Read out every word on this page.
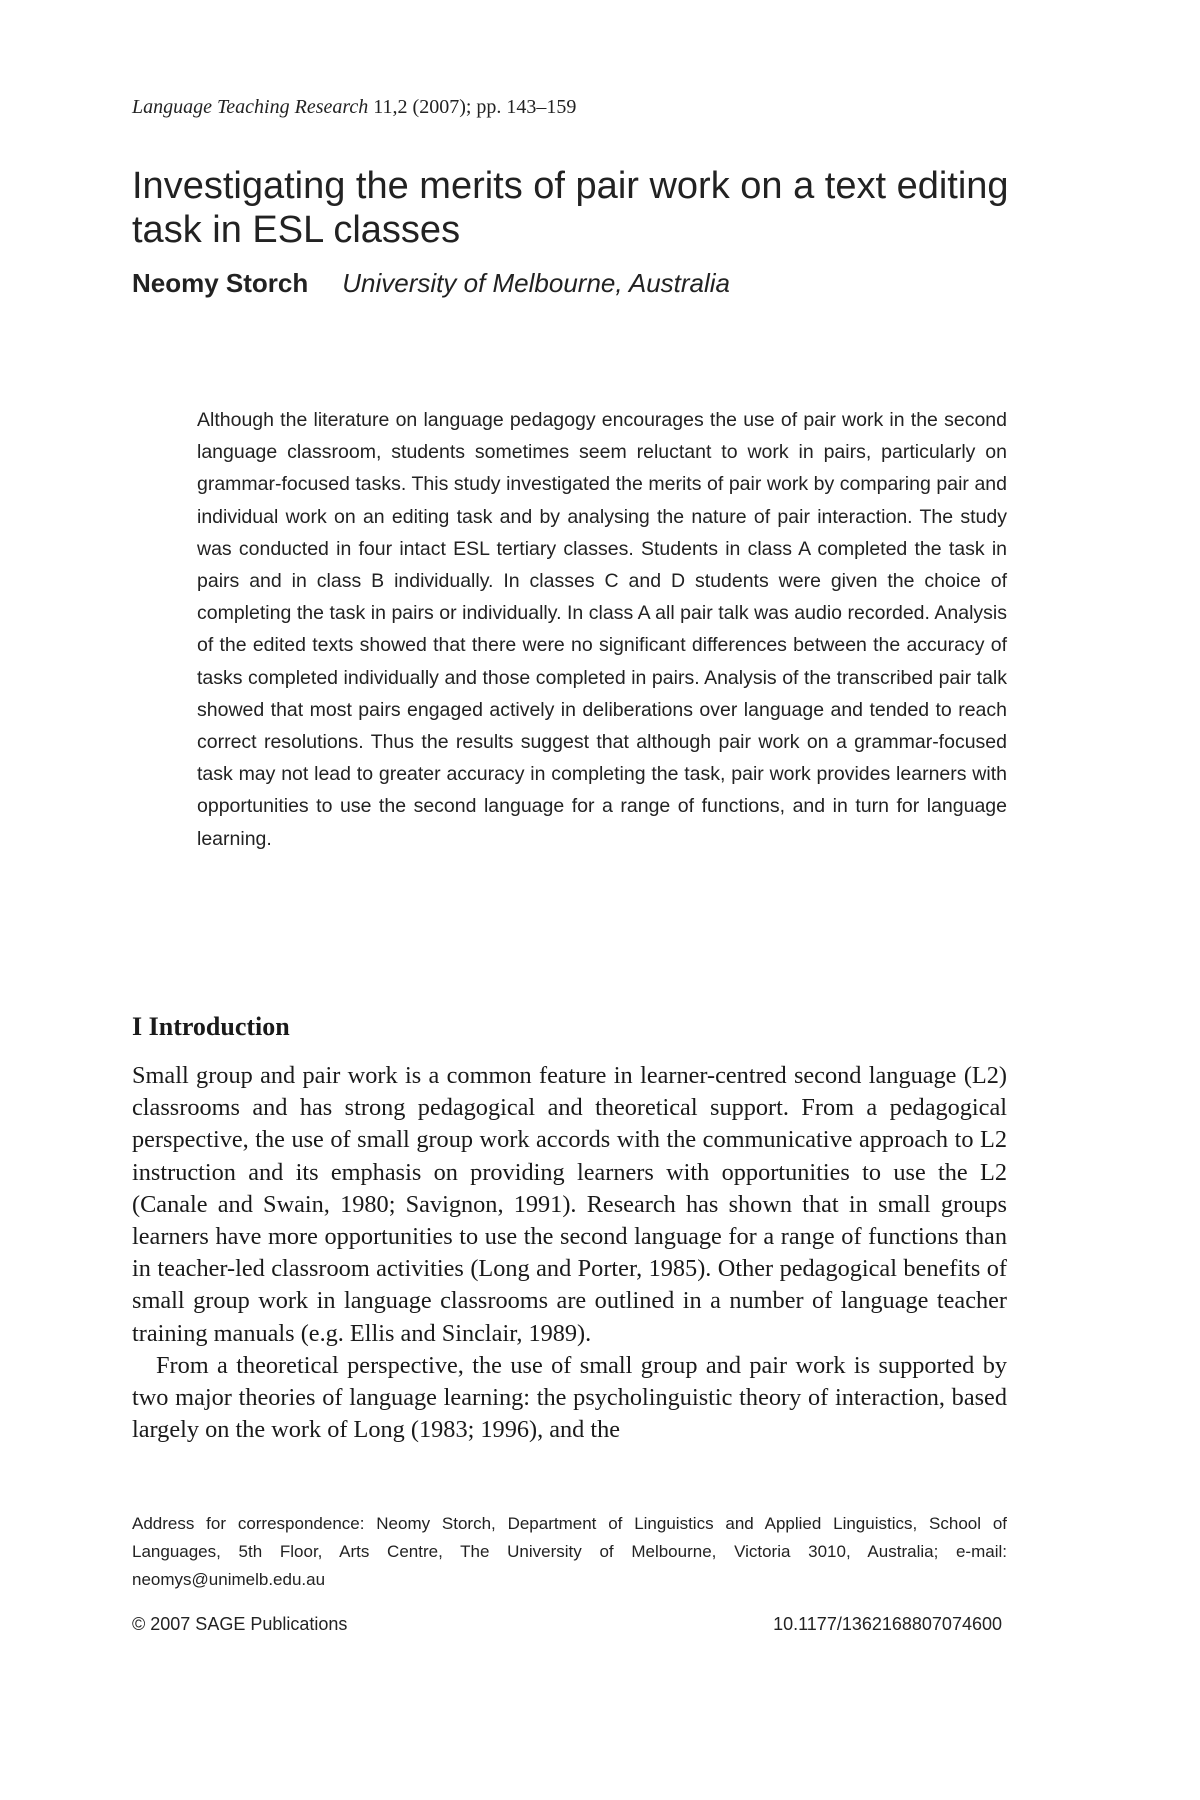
Language Teaching Research 11,2 (2007); pp. 143–159
Investigating the merits of pair work on a text editing task in ESL classes
Neomy Storch University of Melbourne, Australia

Although the literature on language pedagogy encourages the use of pair work in the second language classroom, students sometimes seem reluctant to work in pairs, particularly on grammar-focused tasks. This study investigated the merits of pair work by comparing pair and individual work on an editing task and by analysing the nature of pair interaction. The study was conducted in four intact ESL tertiary classes. Students in class A completed the task in pairs and in class B individually. In classes C and D students were given the choice of completing the task in pairs or individually. In class A all pair talk was audio recorded. Analysis of the edited texts showed that there were no significant differences between the accuracy of tasks completed individually and those completed in pairs. Analysis of the transcribed pair talk showed that most pairs engaged actively in deliberations over language and tended to reach correct resolutions. Thus the results suggest that although pair work on a grammar-focused task may not lead to greater accuracy in completing the task, pair work provides learners with opportunities to use the second language for a range of functions, and in turn for language learning.

I Introduction

Small group and pair work is a common feature in learner-centred second language (L2) classrooms and has strong pedagogical and theoretical support. From a pedagogical perspective, the use of small group work accords with the communicative approach to L2 instruction and its emphasis on providing learners with opportunities to use the L2 (Canale and Swain, 1980; Savignon, 1991). Research has shown that in small groups learners have more opportunities to use the second language for a range of functions than in teacher-led classroom activities (Long and Porter, 1985). Other pedagogical benefits of small group work in language classrooms are outlined in a number of language teacher training manuals (e.g. Ellis and Sinclair, 1989).

From a theoretical perspective, the use of small group and pair work is supported by two major theories of language learning: the psycholinguistic theory of interaction, based largely on the work of Long (1983; 1996), and the

Address for correspondence: Neomy Storch, Department of Linguistics and Applied Linguistics, School of Languages, 5th Floor, Arts Centre, The University of Melbourne, Victoria 3010, Australia; e-mail: neomys@unimelb.edu.au

© 2007 SAGE Publications	10.1177/1362168807074600
